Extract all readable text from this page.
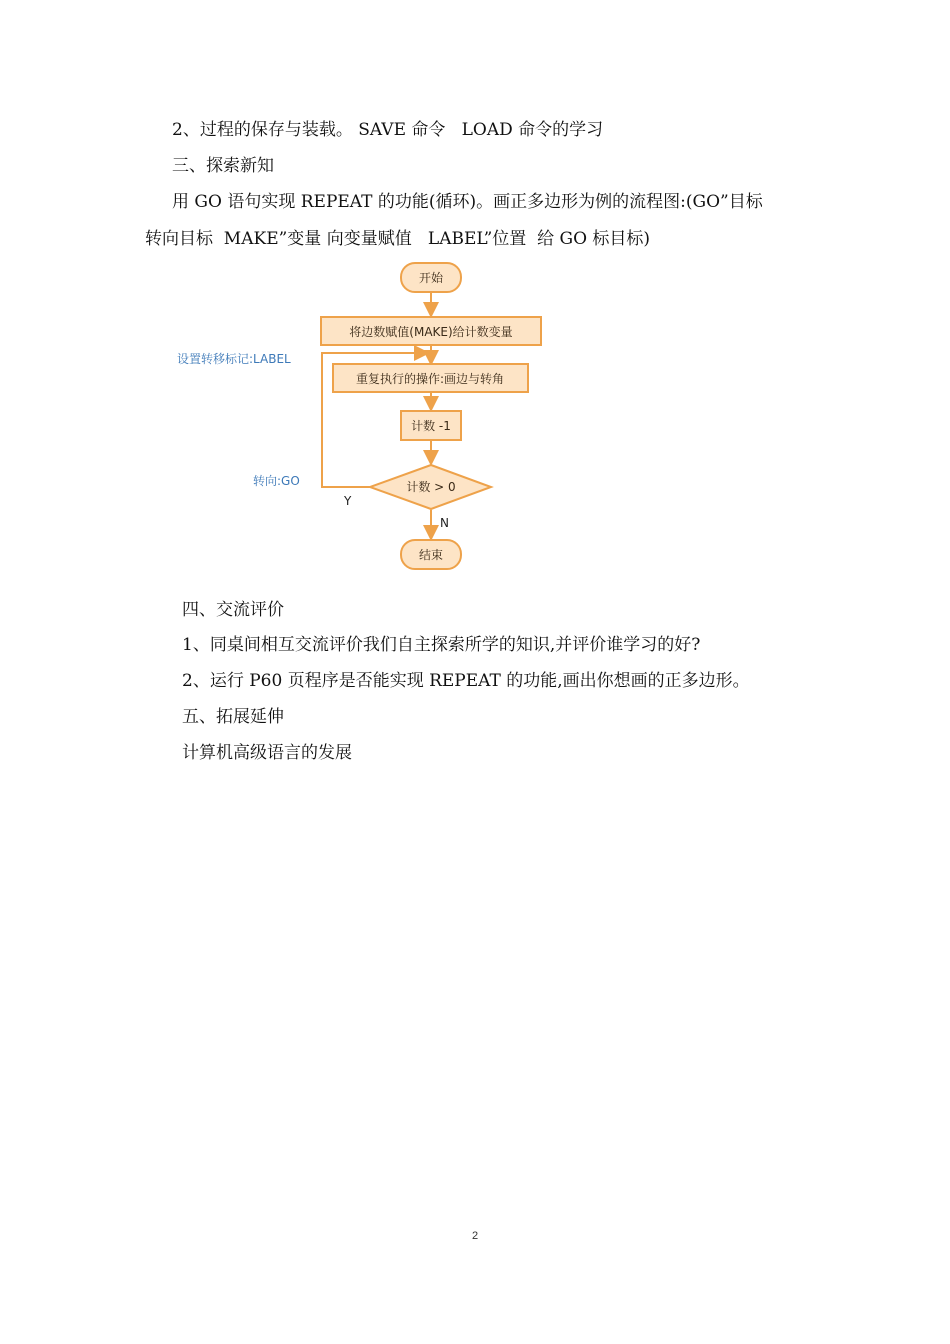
2、过程的保存与装载。 SAVE 命令   LOAD 命令的学习
三、探索新知
用 GO 语句实现 REPEAT 的功能(循环)。画正多边形为例的流程图:(GO”目标
转向目标  MAKE”变量 向变量赋值   LABEL”位置  给 GO 标目标)
开始
将边数赋值(MAKE)给计数变量
重复执行的操作:画边与转角
计数 -1
计数 > 0
结束
设置转移标记:LABEL
转向:GO
Y
N
四、交流评价
1、同桌间相互交流评价我们自主探索所学的知识,并评价谁学习的好?
2、运行 P60 页程序是否能实现 REPEAT 的功能,画出你想画的正多边形。
五、拓展延伸
计算机高级语言的发展
2
